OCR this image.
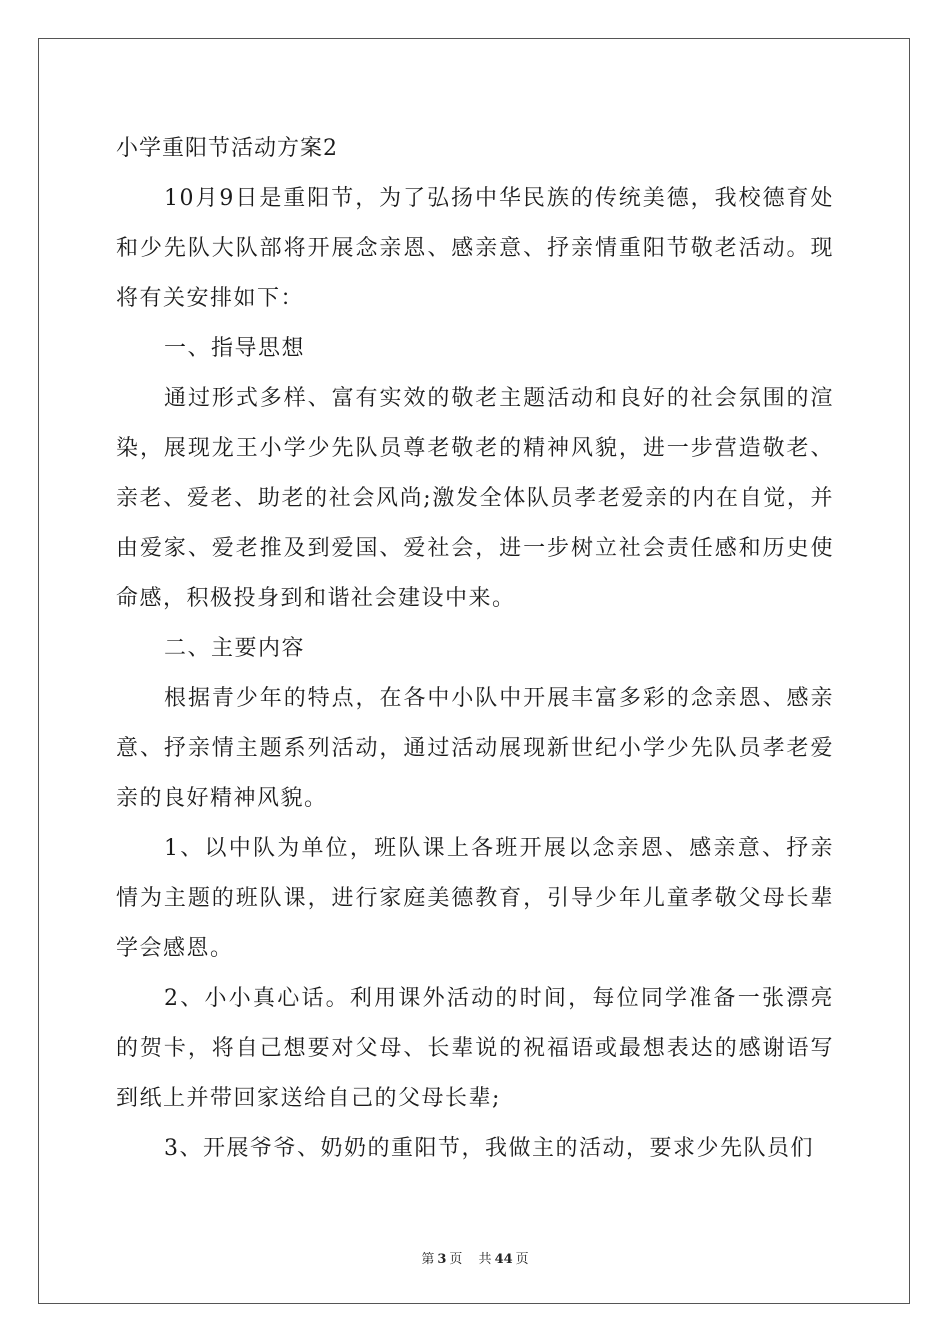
小学重阳节活动方案2

10月9日是重阳节，为了弘扬中华民族的传统美德，我校德育处和少先队大队部将开展念亲恩、感亲意、抒亲情重阳节敬老活动。现将有关安排如下：

一、指导思想

通过形式多样、富有实效的敬老主题活动和良好的社会氛围的渲染，展现龙王小学少先队员尊老敬老的精神风貌，进一步营造敬老、亲老、爱老、助老的社会风尚;激发全体队员孝老爱亲的内在自觉，并由爱家、爱老推及到爱国、爱社会，进一步树立社会责任感和历史使命感，积极投身到和谐社会建设中来。

二、主要内容

根据青少年的特点，在各中小队中开展丰富多彩的念亲恩、感亲意、抒亲情主题系列活动，通过活动展现新世纪小学少先队员孝老爱亲的良好精神风貌。

1、以中队为单位，班队课上各班开展以念亲恩、感亲意、抒亲情为主题的班队课，进行家庭美德教育，引导少年儿童孝敬父母长辈学会感恩。

2、小小真心话。利用课外活动的时间，每位同学准备一张漂亮的贺卡，将自己想要对父母、长辈说的祝福语或最想表达的感谢语写到纸上并带回家送给自己的父母长辈;

3、开展爷爷、奶奶的重阳节，我做主的活动，要求少先队员们

第 3 页 共 44 页
